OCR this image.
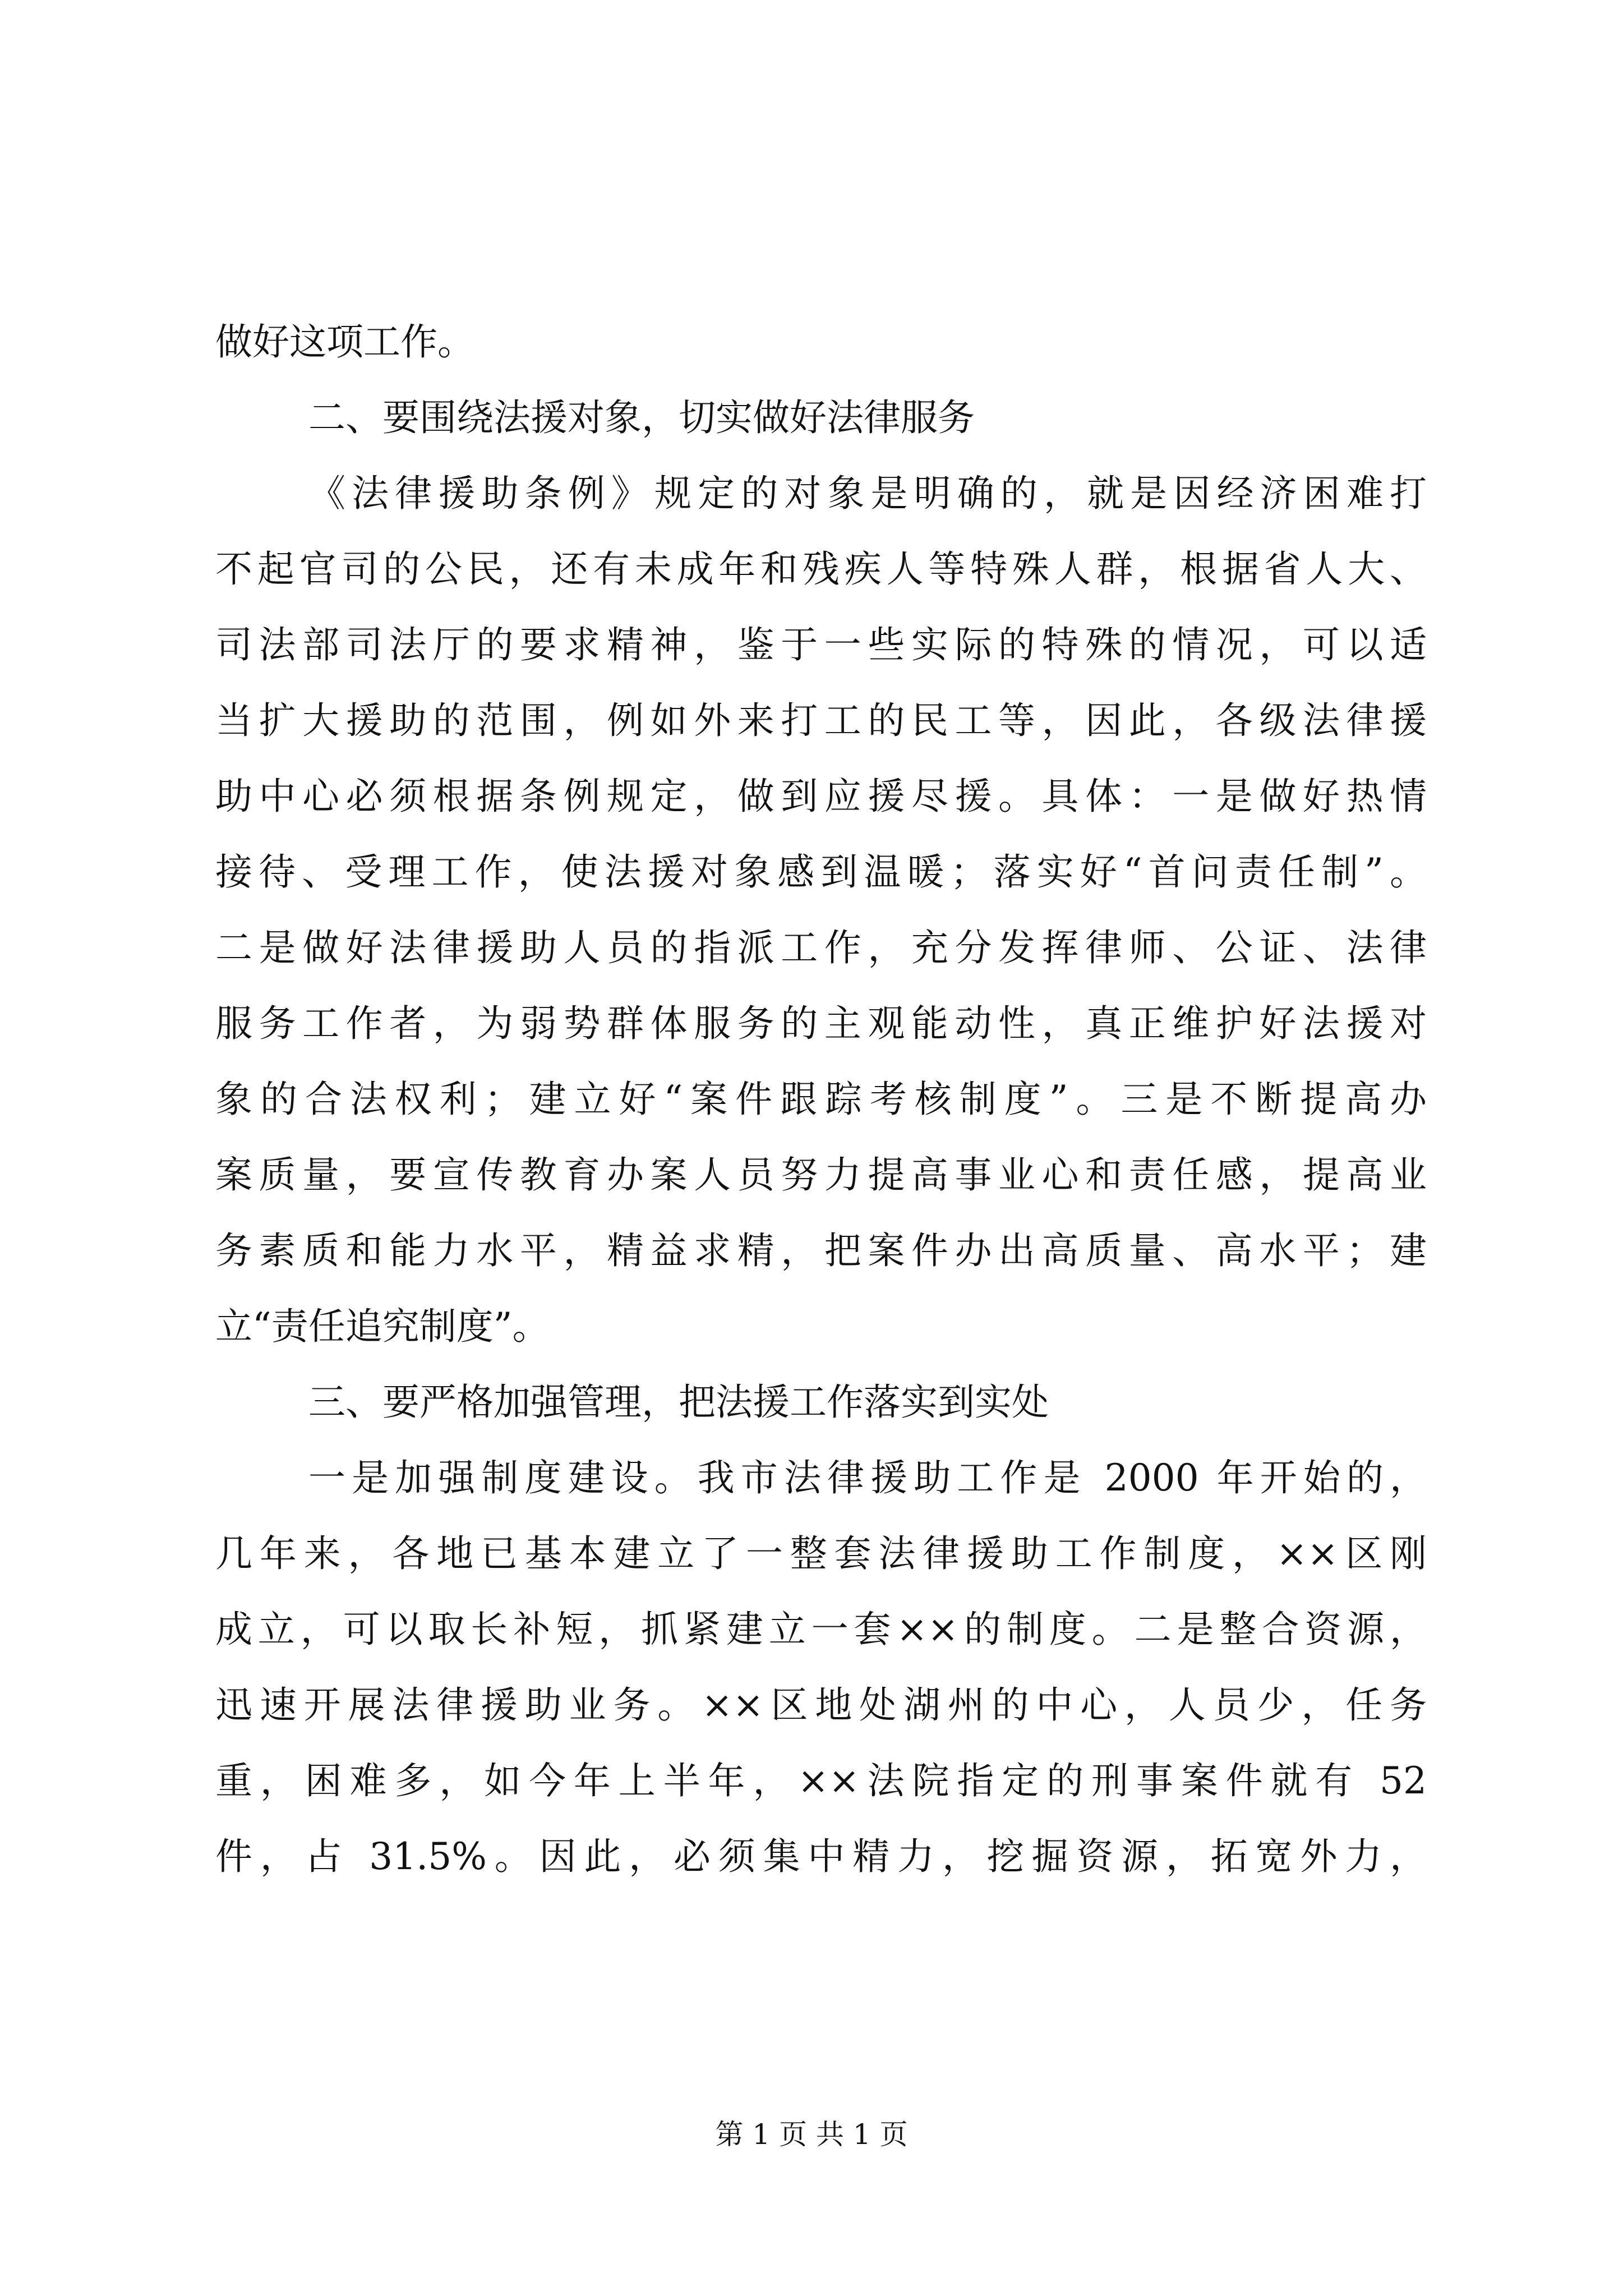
做好这项工作。
二、要围绕法援对象，切实做好法律服务
《法律援助条例》规定的对象是明确的，就是因经济困难打
不起官司的公民，还有未成年和残疾人等特殊人群，根据省人大、
司法部司法厅的要求精神，鉴于一些实际的特殊的情况，可以适
当扩大援助的范围，例如外来打工的民工等，因此，各级法律援
助中心必须根据条例规定，做到应援尽援。具体：一是做好热情
接待、受理工作，使法援对象感到温暖；落实好“首问责任制”。
二是做好法律援助人员的指派工作，充分发挥律师、公证、法律
服务工作者，为弱势群体服务的主观能动性，真正维护好法援对
象的合法权利；建立好“案件跟踪考核制度”。三是不断提高办
案质量，要宣传教育办案人员努力提高事业心和责任感，提高业
务素质和能力水平，精益求精，把案件办出高质量、高水平；建
立“责任追究制度”。
三、要严格加强管理，把法援工作落实到实处
一是加强制度建设。我市法律援助工作是 2000 年开始的，
几年来，各地已基本建立了一整套法律援助工作制度，××区刚
成立，可以取长补短，抓紧建立一套××的制度。二是整合资源，
迅速开展法律援助业务。××区地处湖州的中心，人员少，任务
重，困难多，如今年上半年，××法院指定的刑事案件就有 52
件，占 31.5%。因此，必须集中精力，挖掘资源，拓宽外力，
第 1 页 共 1 页
